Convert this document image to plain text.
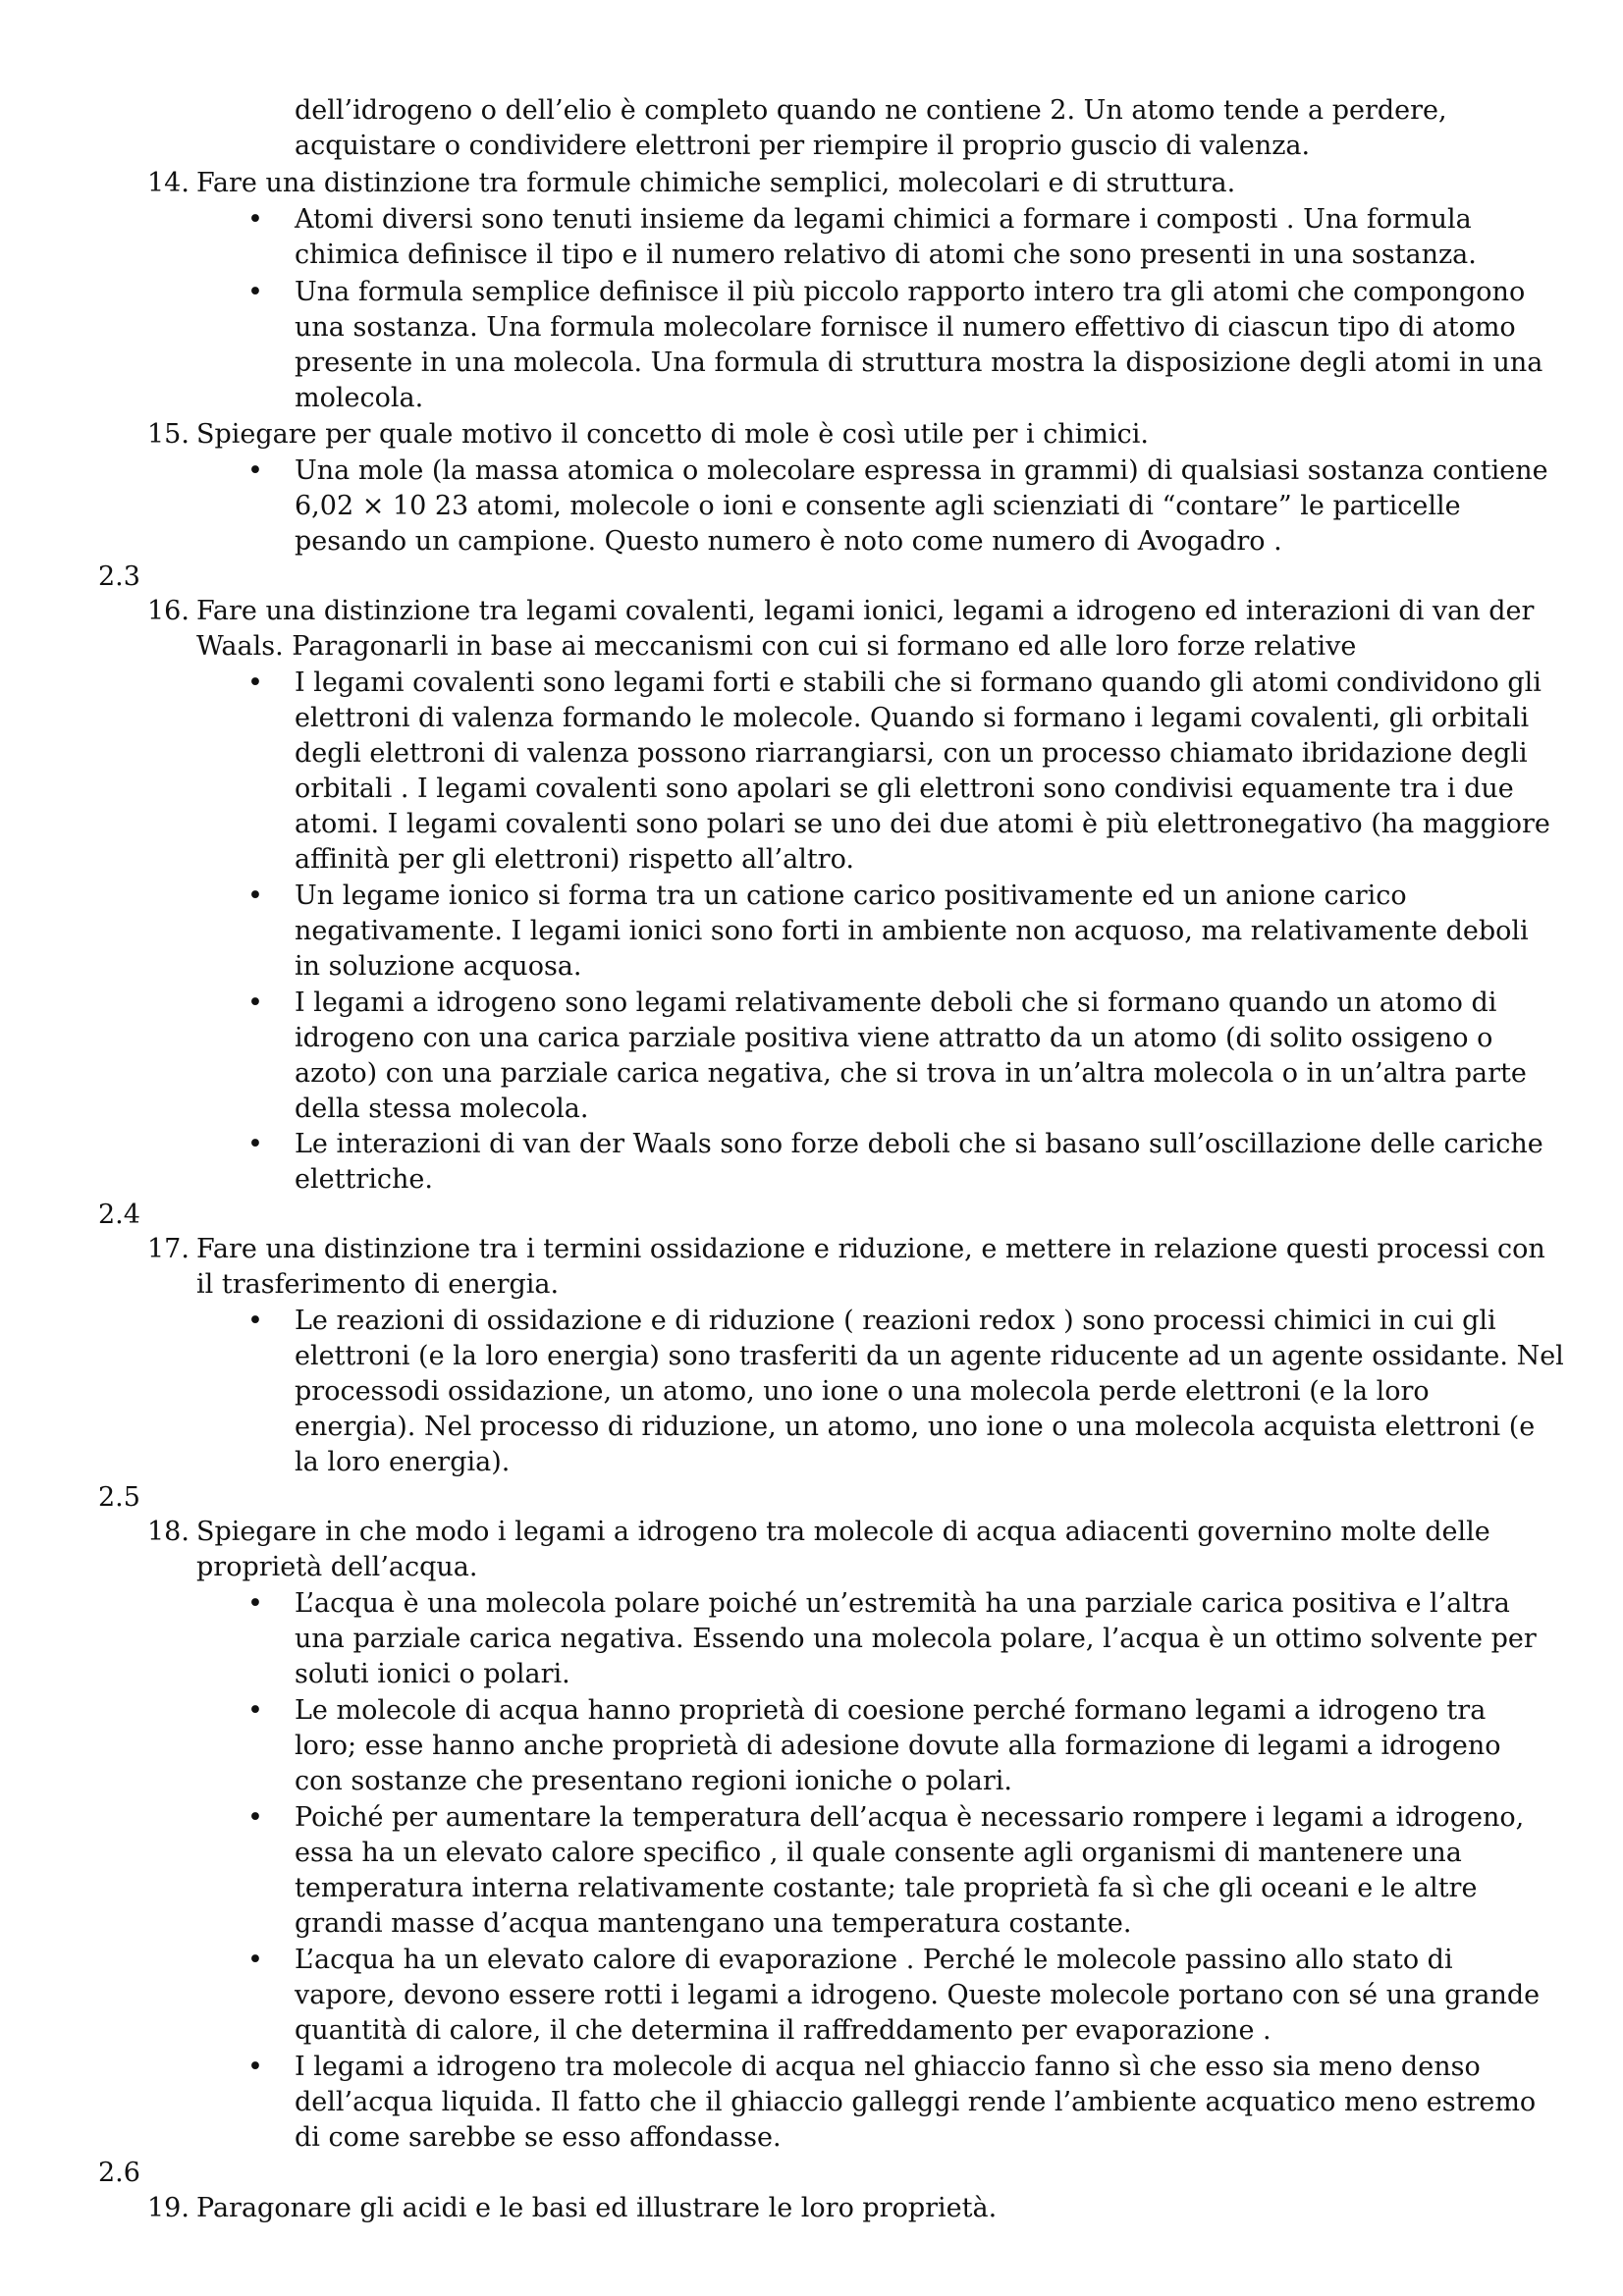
dell’idrogeno o dell’elio è completo quando ne contiene 2. Un atomo tende a perdere,
acquistare o condividere elettroni per riempire il proprio guscio di valenza.
14. Fare una distinzione tra formule chimiche semplici, molecolari e di struttura.
• Atomi diversi sono tenuti insieme da legami chimici a formare i composti . Una formula
chimica definisce il tipo e il numero relativo di atomi che sono presenti in una sostanza.
• Una formula semplice definisce il più piccolo rapporto intero tra gli atomi che compongono
una sostanza. Una formula molecolare fornisce il numero effettivo di ciascun tipo di atomo
presente in una molecola. Una formula di struttura mostra la disposizione degli atomi in una
molecola.
15. Spiegare per quale motivo il concetto di mole è così utile per i chimici.
• Una mole (la massa atomica o molecolare espressa in grammi) di qualsiasi sostanza contiene
6,02 × 10 23 atomi, molecole o ioni e consente agli scienziati di “contare” le particelle
pesando un campione. Questo numero è noto come numero di Avogadro .
2.3
16. Fare una distinzione tra legami covalenti, legami ionici, legami a idrogeno ed interazioni di van der
Waals. Paragonarli in base ai meccanismi con cui si formano ed alle loro forze relative
• I legami covalenti sono legami forti e stabili che si formano quando gli atomi condividono gli
elettroni di valenza formando le molecole. Quando si formano i legami covalenti, gli orbitali
degli elettroni di valenza possono riarrangiarsi, con un processo chiamato ibridazione degli
orbitali . I legami covalenti sono apolari se gli elettroni sono condivisi equamente tra i due
atomi. I legami covalenti sono polari se uno dei due atomi è più elettronegativo (ha maggiore
affinità per gli elettroni) rispetto all’altro.
• Un legame ionico si forma tra un catione carico positivamente ed un anione carico
negativamente. I legami ionici sono forti in ambiente non acquoso, ma relativamente deboli
in soluzione acquosa.
• I legami a idrogeno sono legami relativamente deboli che si formano quando un atomo di
idrogeno con una carica parziale positiva viene attratto da un atomo (di solito ossigeno o
azoto) con una parziale carica negativa, che si trova in un’altra molecola o in un’altra parte
della stessa molecola.
• Le interazioni di van der Waals sono forze deboli che si basano sull’oscillazione delle cariche
elettriche.
2.4
17. Fare una distinzione tra i termini ossidazione e riduzione, e mettere in relazione questi processi con
il trasferimento di energia.
• Le reazioni di ossidazione e di riduzione ( reazioni redox ) sono processi chimici in cui gli
elettroni (e la loro energia) sono trasferiti da un agente riducente ad un agente ossidante. Nel
processodi ossidazione, un atomo, uno ione o una molecola perde elettroni (e la loro
energia). Nel processo di riduzione, un atomo, uno ione o una molecola acquista elettroni (e
la loro energia).
2.5
18. Spiegare in che modo i legami a idrogeno tra molecole di acqua adiacenti governino molte delle
proprietà dell’acqua.
• L’acqua è una molecola polare poiché un’estremità ha una parziale carica positiva e l’altra
una parziale carica negativa. Essendo una molecola polare, l’acqua è un ottimo solvente per
soluti ionici o polari.
• Le molecole di acqua hanno proprietà di coesione perché formano legami a idrogeno tra
loro; esse hanno anche proprietà di adesione dovute alla formazione di legami a idrogeno
con sostanze che presentano regioni ioniche o polari.
• Poiché per aumentare la temperatura dell’acqua è necessario rompere i legami a idrogeno,
essa ha un elevato calore specifico , il quale consente agli organismi di mantenere una
temperatura interna relativamente costante; tale proprietà fa sì che gli oceani e le altre
grandi masse d’acqua mantengano una temperatura costante.
• L’acqua ha un elevato calore di evaporazione . Perché le molecole passino allo stato di
vapore, devono essere rotti i legami a idrogeno. Queste molecole portano con sé una grande
quantità di calore, il che determina il raffreddamento per evaporazione .
• I legami a idrogeno tra molecole di acqua nel ghiaccio fanno sì che esso sia meno denso
dell’acqua liquida. Il fatto che il ghiaccio galleggi rende l’ambiente acquatico meno estremo
di come sarebbe se esso affondasse.
2.6
19. Paragonare gli acidi e le basi ed illustrare le loro proprietà.
